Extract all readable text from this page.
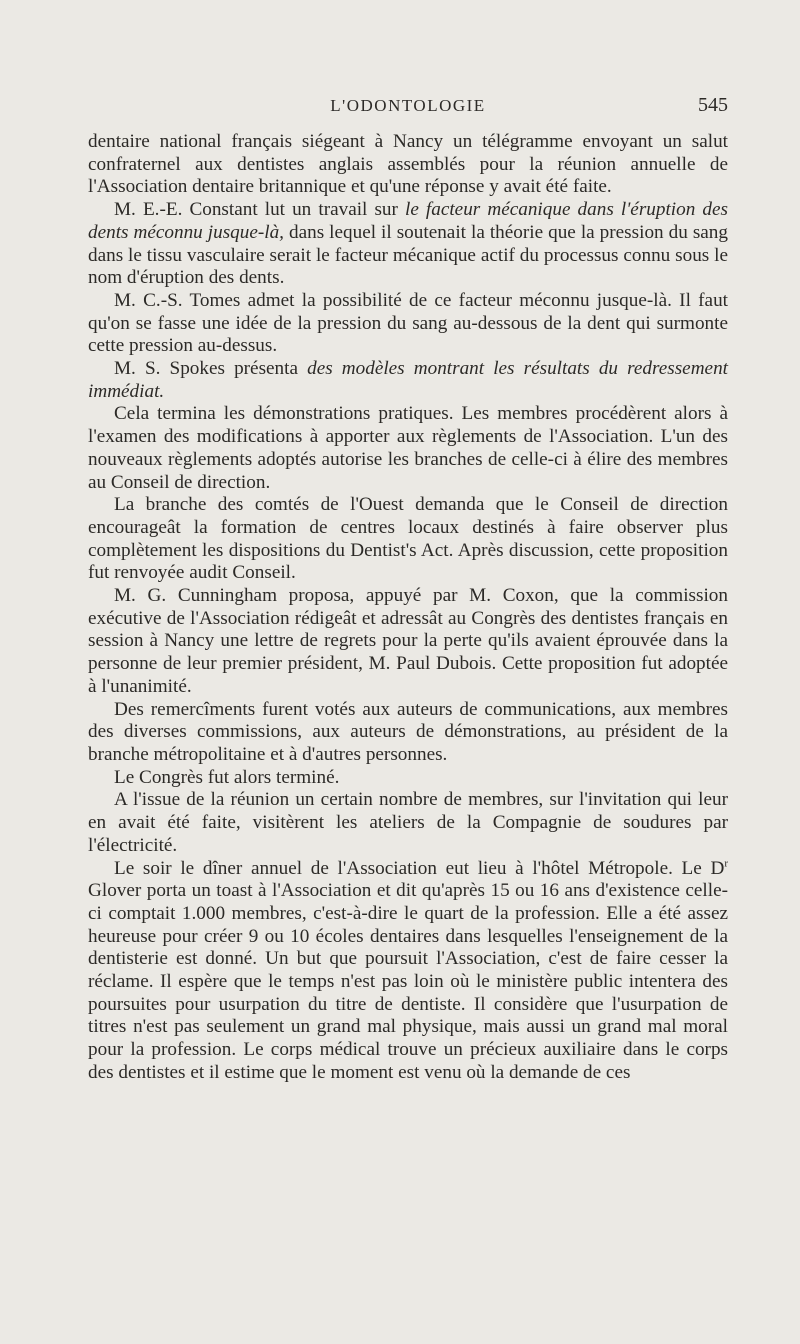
L'ODONTOLOGIE	545

dentaire national français siégeant à Nancy un télégramme envoyant un salut confraternel aux dentistes anglais assemblés pour la réunion annuelle de l'Association dentaire britannique et qu'une réponse y avait été faite.

M. E.-E. Constant lut un travail sur le facteur mécanique dans l'éruption des dents méconnu jusque-là, dans lequel il soutenait la théorie que la pression du sang dans le tissu vasculaire serait le facteur mécanique actif du processus connu sous le nom d'éruption des dents.

M. C.-S. Tomes admet la possibilité de ce facteur méconnu jusque-là. Il faut qu'on se fasse une idée de la pression du sang au-dessous de la dent qui surmonte cette pression au-dessus.

M. S. Spokes présenta des modèles montrant les résultats du redressement immédiat.

Cela termina les démonstrations pratiques. Les membres procédèrent alors à l'examen des modifications à apporter aux règlements de l'Association. L'un des nouveaux règlements adoptés autorise les branches de celle-ci à élire des membres au Conseil de direction.

La branche des comtés de l'Ouest demanda que le Conseil de direction encourageât la formation de centres locaux destinés à faire observer plus complètement les dispositions du Dentist's Act. Après discussion, cette proposition fut renvoyée audit Conseil.

M. G. Cunningham proposa, appuyé par M. Coxon, que la commission exécutive de l'Association rédigeât et adressât au Congrès des dentistes français en session à Nancy une lettre de regrets pour la perte qu'ils avaient éprouvée dans la personne de leur premier président, M. Paul Dubois. Cette proposition fut adoptée à l'unanimité.

Des remercîments furent votés aux auteurs de communications, aux membres des diverses commissions, aux auteurs de démonstrations, au président de la branche métropolitaine et à d'autres personnes.

Le Congrès fut alors terminé.

A l'issue de la réunion un certain nombre de membres, sur l'invitation qui leur en avait été faite, visitèrent les ateliers de la Compagnie de soudures par l'électricité.

Le soir le dîner annuel de l'Association eut lieu à l'hôtel Métropole. Le $D^r$ Glover porta un toast à l'Association et dit qu'après 15 ou 16 ans d'existence celle-ci comptait 1.000 membres, c'est-à-dire le quart de la profession. Elle a été assez heureuse pour créer 9 ou 10 écoles dentaires dans lesquelles l'enseignement de la dentisterie est donné. Un but que poursuit l'Association, c'est de faire cesser la réclame. Il espère que le temps n'est pas loin où le ministère public intentera des poursuites pour usurpation du titre de dentiste. Il considère que l'usurpation de titres n'est pas seulement un grand mal physique, mais aussi un grand mal moral pour la profession. Le corps médical trouve un précieux auxiliaire dans le corps des dentistes et il estime que le moment est venu où la demande de ces
